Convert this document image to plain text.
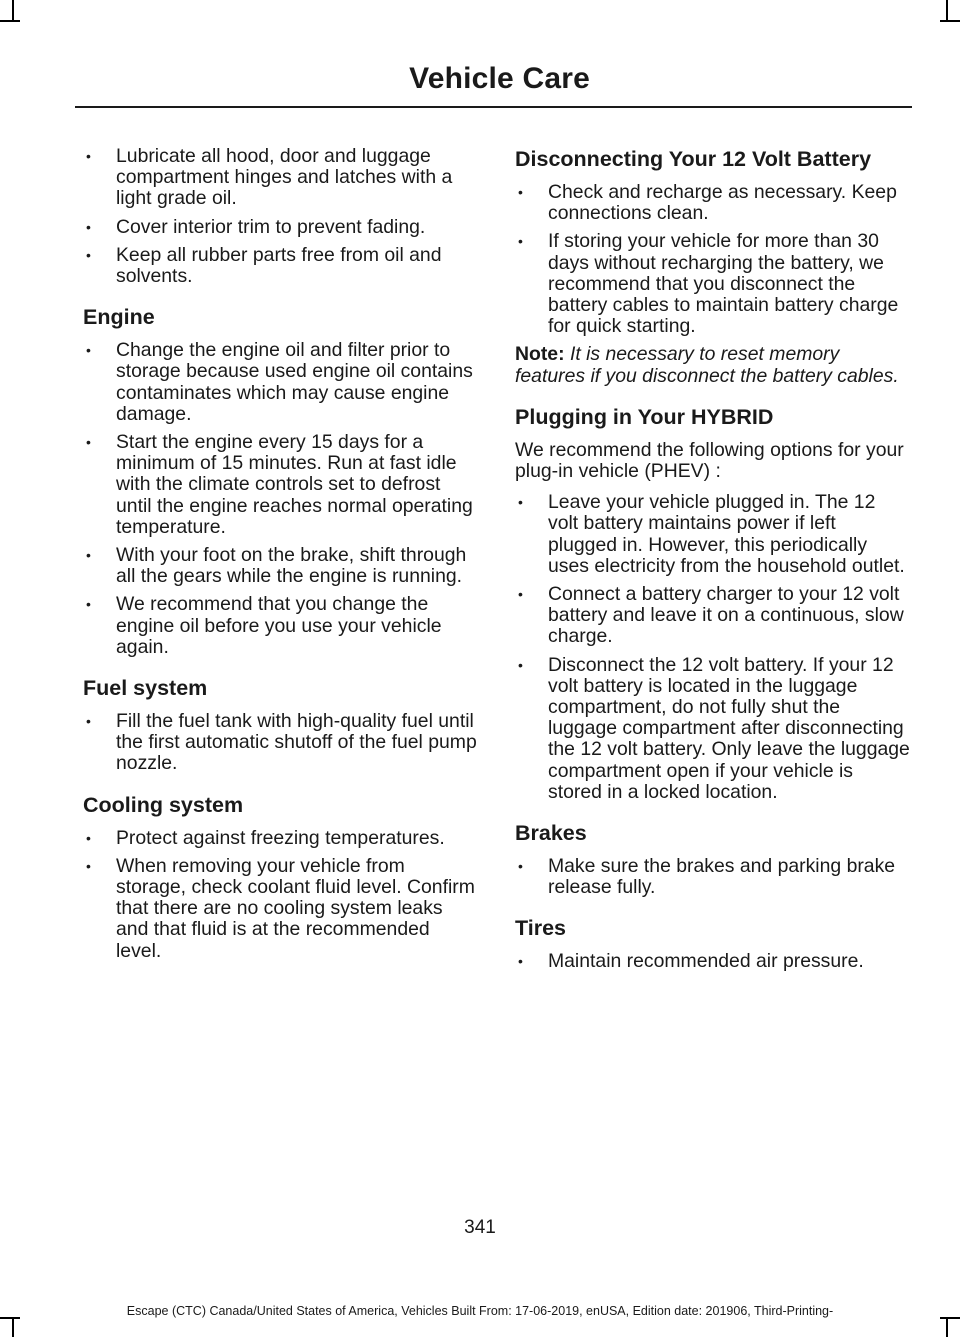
Vehicle Care
• Lubricate all hood, door and luggage compartment hinges and latches with a light grade oil.
• Cover interior trim to prevent fading.
• Keep all rubber parts free from oil and solvents.
Engine
• Change the engine oil and filter prior to storage because used engine oil contains contaminates which may cause engine damage.
• Start the engine every 15 days for a minimum of 15 minutes. Run at fast idle with the climate controls set to defrost until the engine reaches normal operating temperature.
• With your foot on the brake, shift through all the gears while the engine is running.
• We recommend that you change the engine oil before you use your vehicle again.
Fuel system
• Fill the fuel tank with high-quality fuel until the first automatic shutoff of the fuel pump nozzle.
Cooling system
• Protect against freezing temperatures.
• When removing your vehicle from storage, check coolant fluid level. Confirm that there are no cooling system leaks and that fluid is at the recommended level.
Disconnecting Your 12 Volt Battery
• Check and recharge as necessary. Keep connections clean.
• If storing your vehicle for more than 30 days without recharging the battery, we recommend that you disconnect the battery cables to maintain battery charge for quick starting.

Note: It is necessary to reset memory features if you disconnect the battery cables.

Plugging in Your HYBRID

We recommend the following options for your plug-in vehicle (PHEV) :

• Leave your vehicle plugged in. The 12 volt battery maintains power if left plugged in. However, this periodically uses electricity from the household outlet.
• Connect a battery charger to your 12 volt battery and leave it on a continuous, slow charge.
• Disconnect the 12 volt battery. If your 12 volt battery is located in the luggage compartment, do not fully shut the luggage compartment after disconnecting the 12 volt battery. Only leave the luggage compartment open if your vehicle is stored in a locked location.
Brakes
• Make sure the brakes and parking brake release fully.
Tires
• Maintain recommended air pressure.
341
Escape (CTC) Canada/United States of America, Vehicles Built From: 17-06-2019, enUSA, Edition date: 201906, Third-Printing-
